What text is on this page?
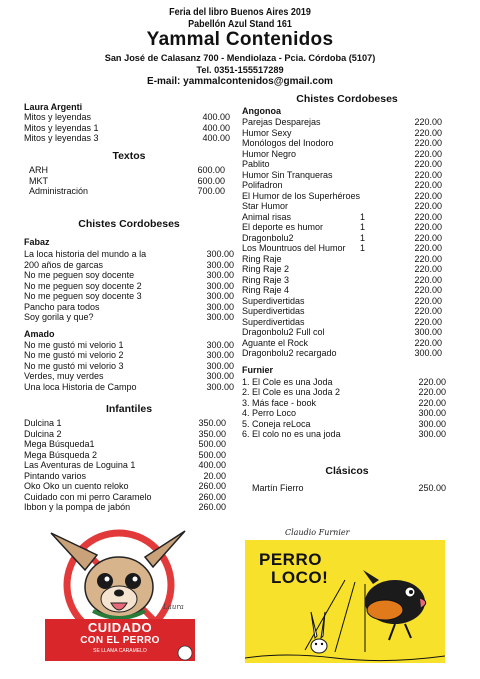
Feria del libro Buenos Aires 2019
Pabellón Azul Stand 161
Yammal Contenidos
San José de Calasanz 700 - Mendiolaza - Pcia. Córdoba (5107)
Tel. 0351-155517289
E-mail: yammalcontenidos@gmail.com
Laura Argenti
Mitos y leyendas	400.00
Mitos y leyendas 1	400.00
Mitos y leyendas 3	400.00
Textos
ARH	600.00
MKT	600.00
Administración	700.00
Chistes Cordobeses
Fabaz
La loca historia del mundo a la	300.00
200 años de garcas	300.00
No me peguen soy docente	300.00
No me peguen soy docente 2	300.00
No me peguen soy docente 3	300.00
Pancho para todos	300.00
Soy gorila y que?	300.00
Amado
No me gustó mi velorio 1	300.00
No me gustó mi velorio 2	300.00
No me gustó mi velorio 3	300.00
Verdes, muy verdes	300.00
Una loca Historia de Campo	300.00
Infantiles
Dulcina 1	350.00
Dulcina 2	350.00
Mega Búsqueda1	500.00
Mega Búsqueda 2	500.00
Las Aventuras de Loguina 1	400.00
Pintando varios	20.00
Oko Oko un cuento reloko	260.00
Cuidado con mi perro Caramelo	260.00
Ibbon y la pompa de jabón	260.00
Chistes Cordobeses
Angonoa
Parejas Desparejas	220.00
Humor Sexy	220.00
Monólogos del Inodoro	220.00
Humor Negro	220.00
Pablito	220.00
Humor Sin Tranqueras	220.00
Polifadron	220.00
El Humor de los Superhéroes	220.00
Star Humor	220.00
Animal risas	1	220.00
El deporte es humor	1	220.00
Dragonbolu2	1	220.00
Los Mountruos del Humor 1	220.00
Ring Raje	220.00
Ring Raje 2	220.00
Ring Raje 3	220.00
Ring Raje 4	220.00
Superdivertidas	220.00
Superdivertidas	220.00
Superdivertidas	220.00
Dragonbolu2 Full col	300.00
Aguante el Rock	220.00
Dragonbolu2 recargado	300.00
Furnier
1. El Cole es una Joda	220.00
2. El Cole es una Joda 2	220.00
3. Más face - book	220.00
4. Perro Loco	300.00
5. Coneja reLoca	300.00
6. El colo no es una joda	300.00
Clásicos
Martín Fierro	250.00
CUIDADO
CON EL PERRO
SE LLAMA CARAMELO
Laura
Claudio Furnier
PERRO
LOCO!
